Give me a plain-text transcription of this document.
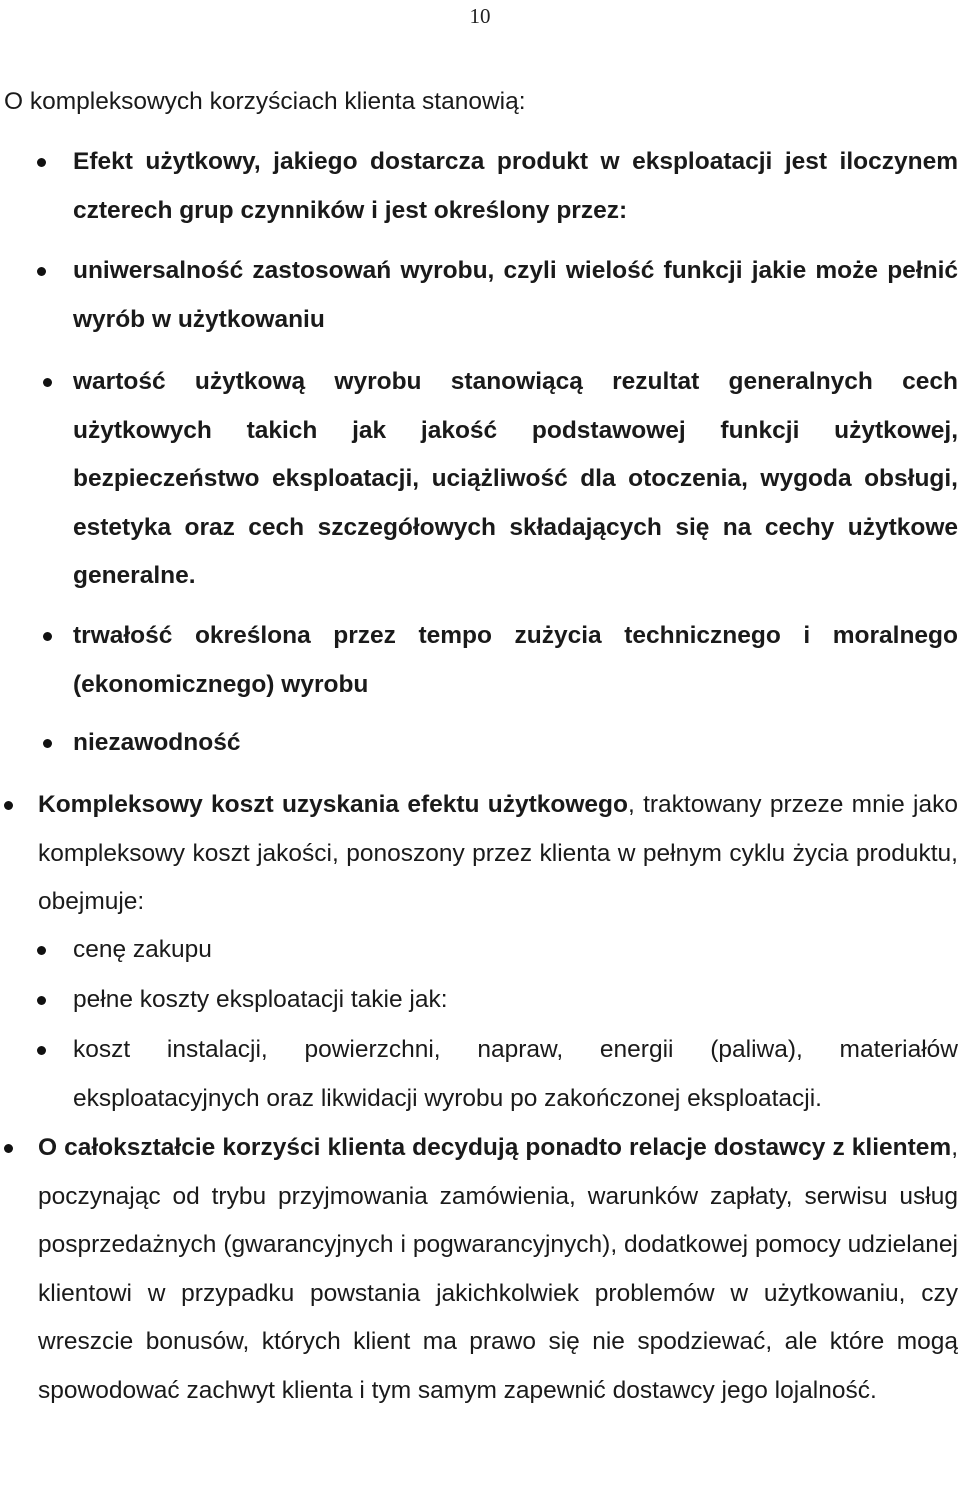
10

O kompleksowych korzyściach klienta stanowią:

Efekt użytkowy, jakiego dostarcza produkt w eksploatacji jest iloczynem czterech grup czynników i jest określony przez:

uniwersalność zastosowań wyrobu, czyli wielość funkcji jakie może pełnić wyrób w użytkowaniu

wartość użytkową wyrobu stanowiącą rezultat generalnych cech użytkowych takich jak jakość podstawowej funkcji użytkowej, bezpieczeństwo eksploatacji, uciążliwość dla otoczenia, wygoda obsługi, estetyka oraz cech szczegółowych składających się na cechy użytkowe generalne.

trwałość określona przez tempo zużycia technicznego i moralnego (ekonomicznego) wyrobu

niezawodność

Kompleksowy koszt uzyskania efektu użytkowego, traktowany przeze mnie jako kompleksowy koszt jakości, ponoszony przez klienta w pełnym cyklu życia produktu, obejmuje:

cenę zakupu

pełne koszty eksploatacji takie jak:

koszt instalacji, powierzchni, napraw, energii (paliwa), materiałów eksploatacyjnych oraz likwidacji wyrobu po zakończonej eksploatacji.

O całokształcie korzyści klienta decydują ponadto relacje dostawcy z klientem, poczynając od trybu przyjmowania zamówienia, warunków zapłaty, serwisu usług posprzedażnych (gwarancyjnych i pogwarancyjnych), dodatkowej pomocy udzielanej klientowi w przypadku powstania jakichkolwiek problemów w użytkowaniu, czy wreszcie bonusów, których klient ma prawo się nie spodziewać, ale które mogą spowodować zachwyt klienta i tym samym zapewnić dostawcy jego lojalność.
